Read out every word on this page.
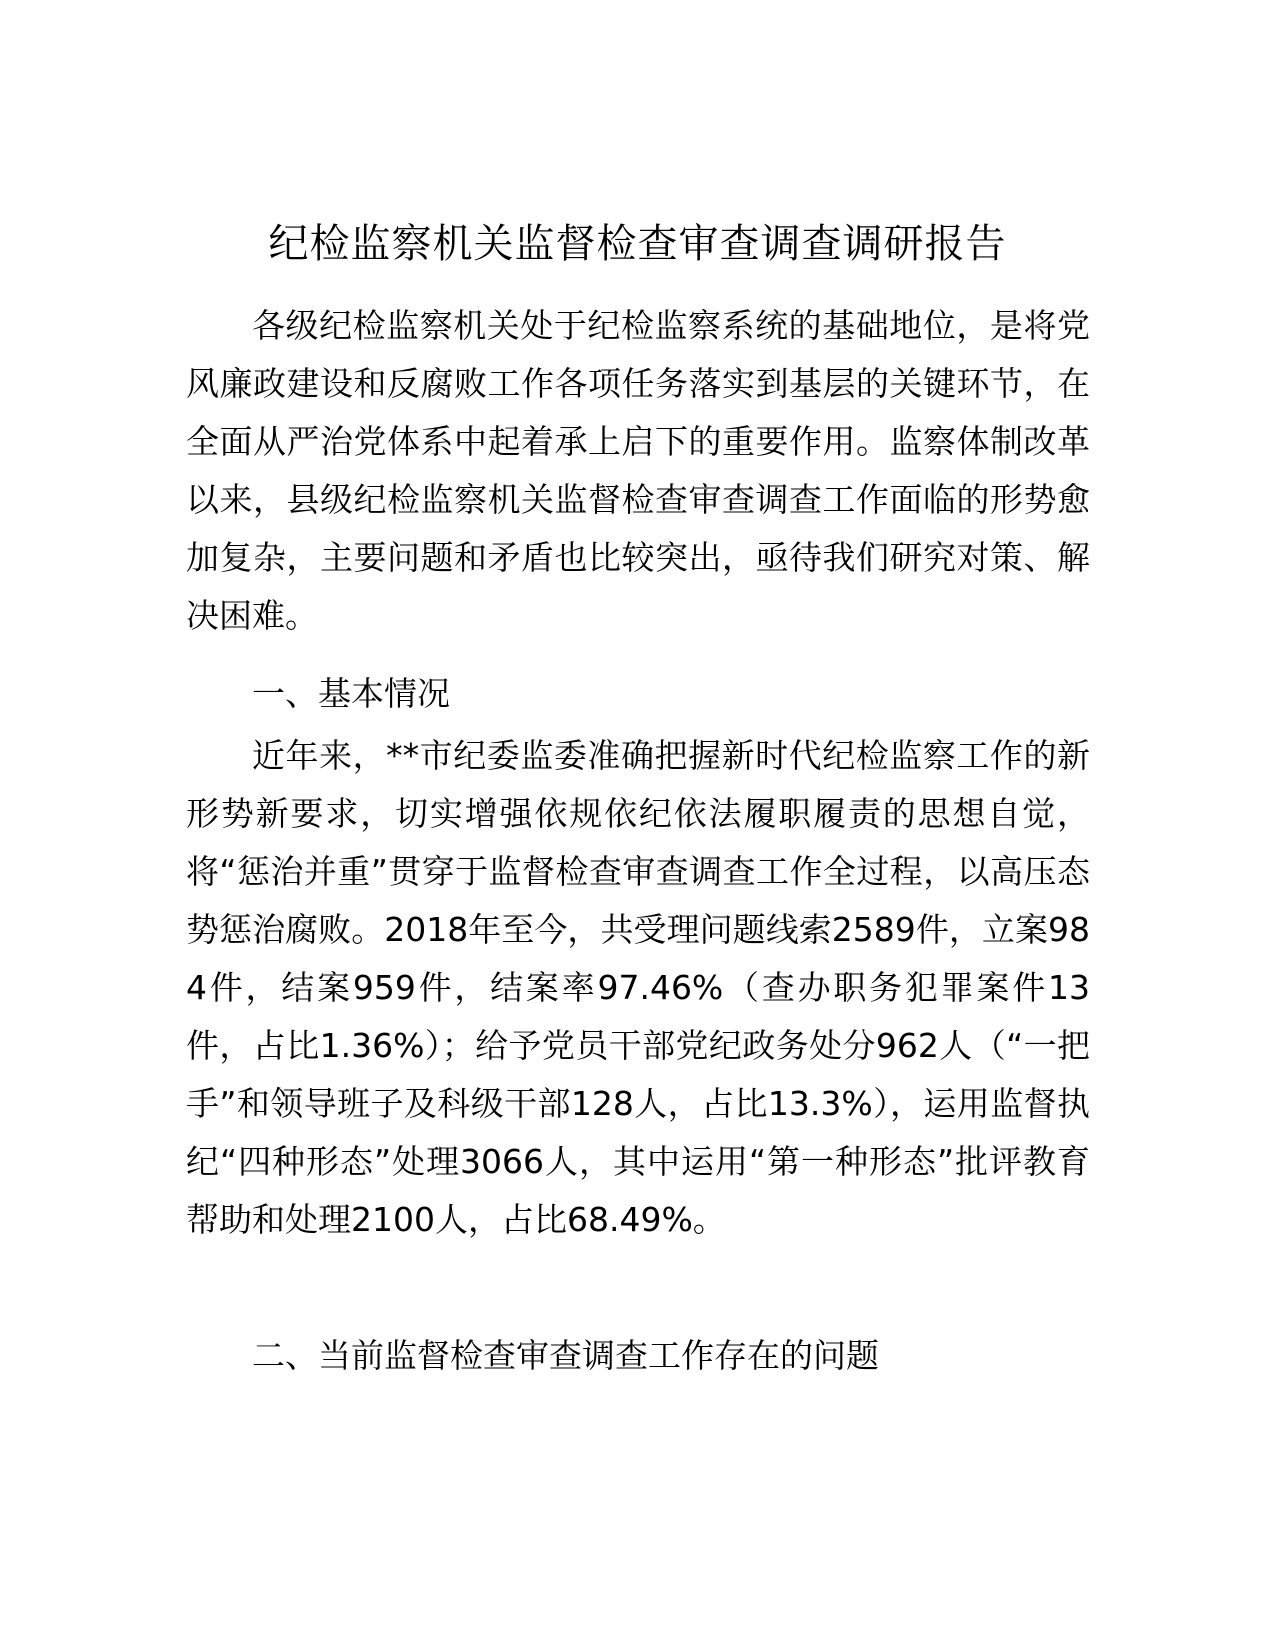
纪检监察机关监督检查审查调查调研报告

各级纪检监察机关处于纪检监察系统的基础地位，是将党风廉政建设和反腐败工作各项任务落实到基层的关键环节，在全面从严治党体系中起着承上启下的重要作用。监察体制改革以来，县级纪检监察机关监督检查审查调查工作面临的形势愈加复杂，主要问题和矛盾也比较突出，亟待我们研究对策、解决困难。

一、基本情况

近年来，**市纪委监委准确把握新时代纪检监察工作的新形势新要求，切实增强依规依纪依法履职履责的思想自觉，将“惩治并重”贯穿于监督检查审查调查工作全过程，以高压态势惩治腐败。2018年至今，共受理问题线索2589件，立案984件，结案959件，结案率97.46%（查办职务犯罪案件13件，占比1.36%）；给予党员干部党纪政务处分962人（“一把手”和领导班子及科级干部128人，占比13.3%），运用监督执纪“四种形态”处理3066人，其中运用“第一种形态”批评教育帮助和处理2100人，占比68.49%。

二、当前监督检查审查调查工作存在的问题
